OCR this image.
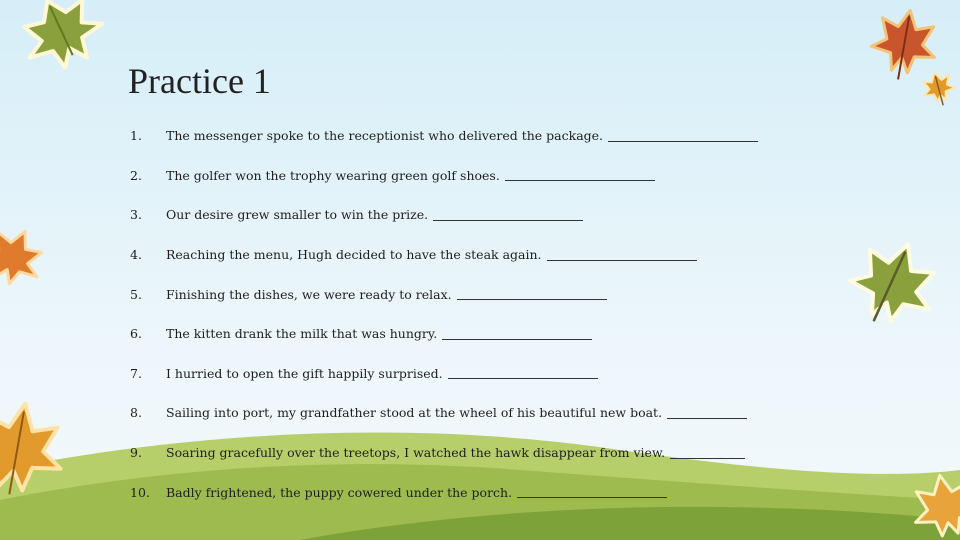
Practice 1
1.	The messenger spoke to the receptionist who delivered the package.
2.	The golfer won the trophy wearing green golf shoes.
3.	Our desire grew smaller to win the prize.
4.	Reaching the menu, Hugh decided to have the steak again.
5.	Finishing the dishes, we were ready to relax.
6.	The kitten drank the milk that was hungry.
7.	I hurried to open the gift happily surprised.
8.	Sailing into port, my grandfather stood at the wheel of his beautiful new boat.
9.	Soaring gracefully over the treetops, I watched the hawk disappear from view.
10.	Badly frightened, the puppy cowered under the porch.
